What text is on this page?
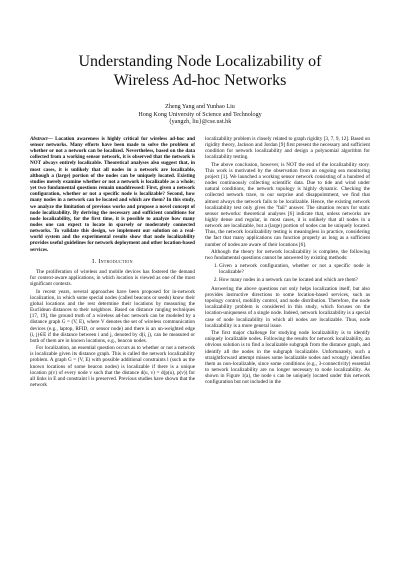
Understanding Node Localizability of
Wireless Ad-hoc Networks
Zheng Yang and Yunhao Liu
Hong Kong University of Science and Technology
{yangzh, liu}@cse.ust.hk

Abstract— Location awareness is highly critical for wireless ad-hoc and sensor networks. Many efforts have been made to solve the problem of whether or not a network can be localized. Nevertheless, based on the data collected from a working sensor network, it is observed that the network is NOT always entirely localizable. Theoretical analyses also suggest that, in most cases, it is unlikely that all nodes in a network are localizable, although a (large) portion of the nodes can be uniquely located. Existing studies merely examine whether or not a network is localizable as a whole; yet two fundamental questions remain unaddressed: First, given a network configuration, whether or not a specific node is localizable? Second, how many nodes in a network can be located and which are them? In this study, we analyze the limitation of previous works and propose a novel concept of node localizability. By deriving the necessary and sufficient conditions for node localizability, for the first time, it is possible to analyze how many nodes one can expect to locate in sparsely or moderately connected networks. To validate this design, we implement our solution on a real-world system and the experimental results show that node localizability provides useful guidelines for network deployment and other location-based services.

I. Introduction

The proliferation of wireless and mobile devices has fostered the demand for context-aware applications, in which location is viewed as one of the most significant contexts.

In recent years, several approaches have been proposed for in-network localization, in which some special nodes (called beacons or seeds) know their global locations and the rest determine their locations by measuring the Euclidean distances to their neighbors. Based on distance ranging techniques [17, 19], the ground truth of a wireless ad-hoc network can be modeled by a distance graph G = (V, E), where V denotes the set of wireless communication devices (e.g., laptop, RFID, or sensor node) and there is an un-weighted edge (i, j)∈E if the distance between i and j, denoted by d(i, j), can be measured or both of them are in known locations, e.g., beacon nodes.

For localization, an essential question occurs as to whether or not a network is localizable given its distance graph. This is called the network localizability problem. A graph G = (V, E) with possible additional constraints l (such as the known locations of some beacon nodes) is localizable if there is a unique location p(v) of every node v such that the distance d(u, v) = d(p(u), p(v)) for all links in E and constraint l is preserved. Previous studies have shown that the network

localizability problem is closely related to graph rigidity [3, 7, 9, 12]. Based on rigidity theory, Jackson and Jordan [9] first present the necessary and sufficient condition for network localizability and design a polynomial algorithm for localizability testing.

The above conclusion, however, is NOT the end of the localizability story. This work is motivated by the observation from an ongoing sea monitoring project [1]. We launched a working sensor network consisting of a hundred of nodes continuously collecting scientific data. Due to tide and wind under natural conditions, the network topology is highly dynamic. Checking the collected network trace, to our surprise and disappointment, we find that almost always the network fails to be localizable. Hence, the existing network localizability test only gives the "fail" answer. The situation recurs for static sensor networks: theoretical analyses [6] indicate that, unless networks are highly dense and regular, in most cases, it is unlikely that all nodes in a network are localizable, but a (large) portion of nodes can be uniquely located. Thus, the network localizability testing is meaningless in practice, considering the fact that many applications can function properly as long as a sufficient number of nodes are aware of their locations [6].

Although the theory for network localizability is complete, the following two fundamental questions cannot be answered by existing methods:

1. Given a network configuration, whether or not a specific node is localizable?
2. How many nodes in a network can be located and which are them?

Answering the above questions not only helps localization itself, but also provides instructive directions to some location-based services, such as topology control, mobility control, and node distribution. Therefore, the node localizability problem is considered in this study, which focuses on the location-uniqueness of a single node. Indeed, network localizability is a special case of node localizability in which all nodes are localizable. Thus, node localizability is a more general issue.

The first major challenge for studying node localizability is to identify uniquely localizable nodes. Following the results for network localizability, an obvious solution is to find a localizable subgraph from the distance graph, and identify all the nodes in the subgraph localizable. Unfortunately, such a straightforward attempt misses some localizable nodes and wrongly identifies them as non-localizable, since some conditions (e.g., 3-connectivity) essential to network localizability are no longer necessary to node localizability. As shown in Figure 1(a), the node s can be uniquely located under this network configuration but not included in the
